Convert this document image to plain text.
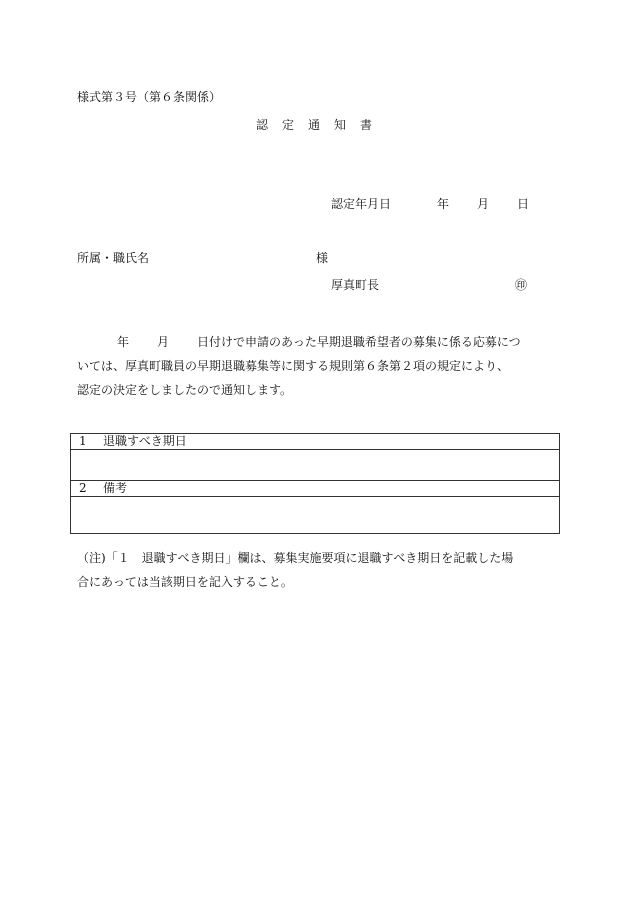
様式第３号（第６条関係）
認　定　通　知　書
認定年月日	年 月 日
所属・職氏名	様
厚真町長	㊞
年 月 日付けで申請のあった早期退職希望者の募集に係る応募につ
いては、厚真町職員の早期退職募集等に関する規則第６条第２項の規定により、
認定の決定をしましたので通知します。
1 退職すべき期日

2 備考

（注)「１　退職すべき期日」欄は、募集実施要項に退職すべき期日を記載した場
合にあっては当該期日を記入すること。
